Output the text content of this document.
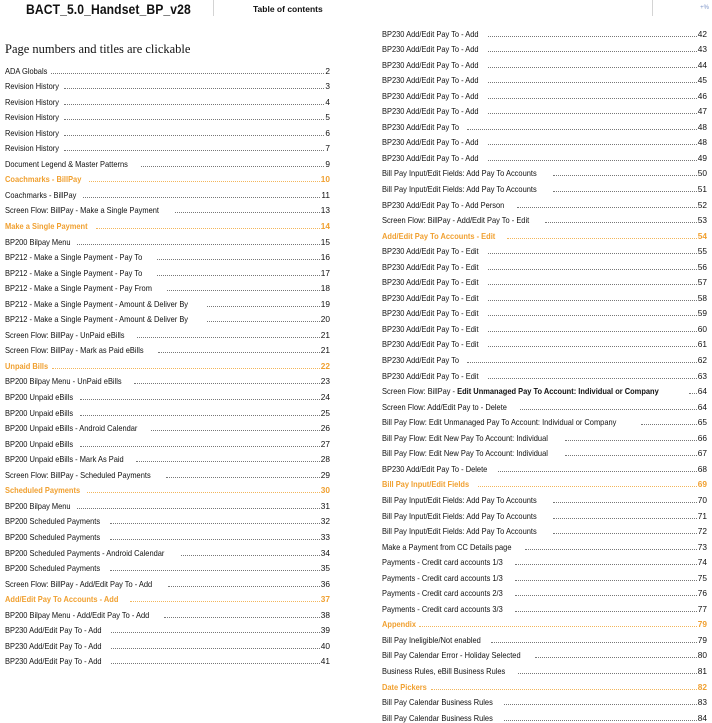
BACT_5.0_Handset_BP_v28	Table of contents	+%
Page numbers and titles are clickable
ADA Globals	2
Revision History	3
Revision History	4
Revision History	5
Revision History	6
Revision History	7
Document Legend & Master Patterns	9
Coachmarks - BillPay	10
Coachmarks - BillPay	11
Screen Flow: BillPay - Make a Single Payment	13
Make a Single Payment	14
BP200 Bilpay Menu	15
BP212 - Make a Single Payment - Pay To	16
BP212 - Make a Single Payment - Pay To	17
BP212 - Make a Single Payment - Pay From	18
BP212 - Make a Single Payment - Amount & Deliver By	19
BP212 - Make a Single Payment - Amount & Deliver By	20
Screen Flow: BillPay - UnPaid eBills	21
Screen Flow: BillPay - Mark as Paid eBills	21
Unpaid Bills	22
BP200 Bilpay Menu - UnPaid eBills	23
BP200 Unpaid eBills	24
BP200 Unpaid eBills	25
BP200 Unpaid eBills - Android Calendar	26
BP200 Unpaid eBills	27
BP200 Unpaid eBills - Mark As Paid	28
Screen Flow: BillPay - Scheduled Payments	29
Scheduled Payments	30
BP200 Bilpay Menu	31
BP200 Scheduled Payments	32
BP200 Scheduled Payments	33
BP200 Scheduled Payments - Android Calendar	34
BP200 Scheduled Payments	35
Screen Flow: BillPay - Add/Edit Pay To - Add	36
Add/Edit Pay To Accounts - Add	37
BP200 Bilpay Menu - Add/Edit Pay To - Add	38
BP230 Add/Edit Pay To - Add	39
BP230 Add/Edit Pay To - Add	40
BP230 Add/Edit Pay To - Add	41
BP230 Add/Edit Pay To - Add	42
BP230 Add/Edit Pay To - Add	43
BP230 Add/Edit Pay To - Add	44
BP230 Add/Edit Pay To - Add	45
BP230 Add/Edit Pay To - Add	46
BP230 Add/Edit Pay To - Add	47
BP230 Add/Edit Pay To	48
BP230 Add/Edit Pay To - Add	48
BP230 Add/Edit Pay To - Add	49
Bill Pay Input/Edit Fields: Add Pay To Accounts	50
Bill Pay Input/Edit Fields: Add Pay To Accounts	51
BP230 Add/Edit Pay To - Add Person	52
Screen Flow: BillPay - Add/Edit Pay To - Edit	53
Add/Edit Pay To Accounts - Edit	54
BP230 Add/Edit Pay To - Edit	55
BP230 Add/Edit Pay To - Edit	56
BP230 Add/Edit Pay To - Edit	57
BP230 Add/Edit Pay To - Edit	58
BP230 Add/Edit Pay To - Edit	59
BP230 Add/Edit Pay To - Edit	60
BP230 Add/Edit Pay To - Edit	61
BP230 Add/Edit Pay To	62
BP230 Add/Edit Pay To - Edit	63
Screen Flow: BillPay - Edit Unmanaged Pay To Account: Individual or Company	64
Screen Flow: Add/Edit Pay to - Delete	64
Bill Pay Flow: Edit Unmanaged Pay To Account: Individual or Company	65
Bill Pay Flow: Edit New Pay To Account: Individual	66
Bill Pay Flow: Edit New Pay To Account: Individual	67
BP230 Add/Edit Pay To - Delete	68
Bill Pay Input/Edit Fields	69
Bill Pay Input/Edit Fields: Add Pay To Accounts	70
Bill Pay Input/Edit Fields: Add Pay To Accounts	71
Bill Pay Input/Edit Fields: Add Pay To Accounts	72
Make a Payment from CC Details page	73
Payments - Credit card accounts 1/3	74
Payments - Credit card accounts 1/3	75
Payments - Credit card accounts 2/3	76
Payments - Credit card accounts 3/3	77
Appendix	79
Bill Pay Ineligible/Not enabled	79
Bill Pay Calendar Error - Holiday Selected	80
Business Rules, eBill Business Rules	81
Date Pickers	82
Bill Pay Calendar Business Rules	83
Bill Pay Calendar Business Rules	84
